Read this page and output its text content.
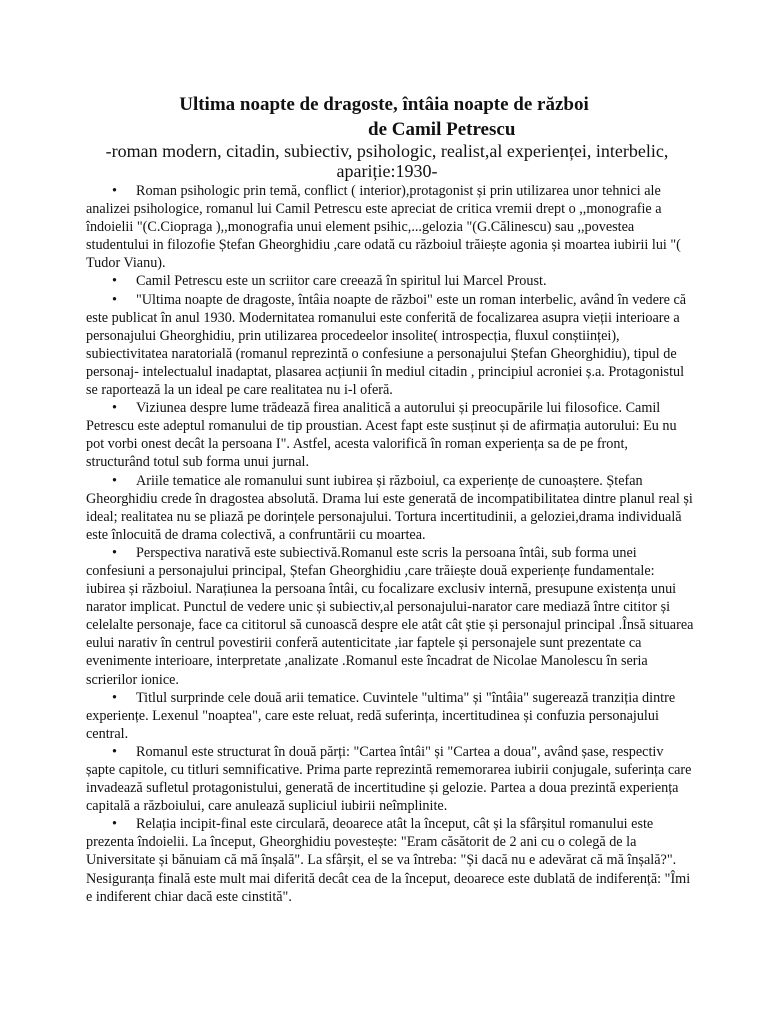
Ultima noapte de dragoste, întâia noapte de război
de Camil Petrescu
-roman modern, citadin, subiectiv, psihologic, realist,al experienței, interbelic, apariție:1930-

• Roman psihologic prin temă, conflict ( interior),protagonist și prin utilizarea unor tehnici ale analizei psihologice, romanul lui Camil Petrescu este apreciat de critica vremii drept o ,,monografie a îndoielii "(C.Ciopraga ),,monografia unui element psihic,...gelozia "(G.Călinescu) sau ,,povestea studentului in filozofie Ștefan Gheorghidiu ,care odată cu războiul trăiește agonia și moartea iubirii lui "( Tudor Vianu).

• Camil Petrescu este un scriitor care creează în spiritul lui Marcel Proust.

• "Ultima noapte de dragoste, întâia noapte de război" este un roman interbelic, având în vedere că este publicat în anul 1930. Modernitatea romanului este conferită de focalizarea asupra vieții interioare a personajului Gheorghidiu, prin utilizarea procedeelor insolite( introspecția, fluxul conștiinței), subiectivitatea naratorială (romanul reprezintă o confesiune a personajului Ștefan Gheorghidiu), tipul de personaj- intelectualul inadaptat, plasarea acțiunii în mediul citadin , principiul acroniei ș.a. Protagonistul se raportează la un ideal pe care realitatea nu i-l oferă.

• Viziunea despre lume trădează firea analitică a autorului și preocupările lui filosofice. Camil Petrescu este adeptul romanului de tip proustian. Acest fapt este susținut și de afirmația autorului: Eu nu pot vorbi onest decât la persoana I". Astfel, acesta valorifică în roman experiența sa de pe front, structurând totul sub forma unui jurnal.

• Ariile tematice ale romanului sunt iubirea și războiul, ca experiențe de cunoaștere. Ștefan Gheorghidiu crede în dragostea absolută. Drama lui este generată de incompatibilitatea dintre planul real și ideal; realitatea nu se pliază pe dorințele personajului. Tortura incertitudinii, a geloziei,drama individuală este înlocuită de drama colectivă, a confruntării cu moartea.

• Perspectiva narativă este subiectivă.Romanul este scris la persoana întâi, sub forma unei confesiuni a personajului principal, Ștefan Gheorghidiu ,care trăiește două experiențe fundamentale: iubirea și războiul. Narațiunea la persoana întâi, cu focalizare exclusiv internă, presupune existența unui narator implicat. Punctul de vedere unic și subiectiv,al personajului-narator care mediază între cititor și celelalte personaje, face ca cititorul să cunoască despre ele atât cât știe și personajul principal .Însă situarea eului narativ în centrul povestirii conferă autenticitate ,iar faptele și personajele sunt prezentate ca evenimente interioare, interpretate ,analizate .Romanul este încadrat de Nicolae Manolescu în seria scrierilor ionice.

• Titlul surprinde cele două arii tematice. Cuvintele "ultima" și "întâia" sugerează tranziția dintre experiențe. Lexenul "noaptea", care este reluat, redă suferința, incertitudinea și confuzia personajului central.

• Romanul este structurat în două părți: "Cartea întâi" și "Cartea a doua", având șase, respectiv șapte capitole, cu titluri semnificative. Prima parte reprezintă rememorarea iubirii conjugale, suferința care invadează sufletul protagonistului, generată de incertitudine și gelozie. Partea a doua prezintă experiența capitală a războiului, care anulează supliciul iubirii neîmplinite.

• Relația incipit-final este circulară, deoarece atât la început, cât și la sfârșitul romanului este prezenta îndoielii. La început, Gheorghidiu povestește: "Eram căsătorit de 2 ani cu o colegă de la Universitate și bănuiam că mă înșală". La sfârșit, el se va întreba: "Și dacă nu e adevărat că mă înșală?". Nesiguranța finală este mult mai diferită decât cea de la început, deoarece este dublată de indiferență: "Îmi e indiferent chiar dacă este cinstită".
